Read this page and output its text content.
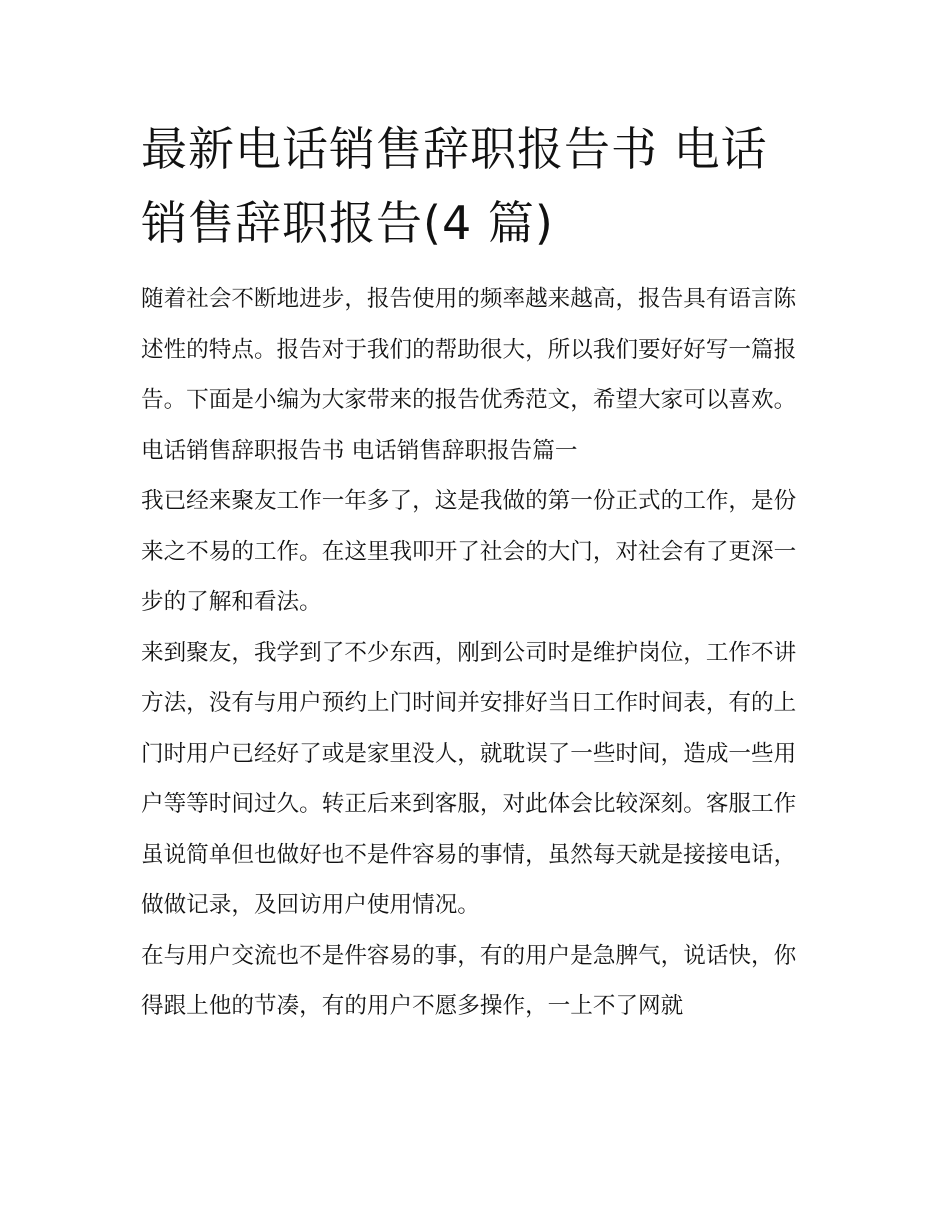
最新电话销售辞职报告书 电话销售辞职报告(4 篇)

随着社会不断地进步，报告使用的频率越来越高，报告具有语言陈述性的特点。报告对于我们的帮助很大，所以我们要好好写一篇报告。下面是小编为大家带来的报告优秀范文，希望大家可以喜欢。

电话销售辞职报告书 电话销售辞职报告篇一

我已经来聚友工作一年多了，这是我做的第一份正式的工作，是份来之不易的工作。在这里我叩开了社会的大门，对社会有了更深一步的了解和看法。

来到聚友，我学到了不少东西，刚到公司时是维护岗位，工作不讲方法，没有与用户预约上门时间并安排好当日工作时间表，有的上门时用户已经好了或是家里没人，就耽误了一些时间，造成一些用户等等时间过久。转正后来到客服，对此体会比较深刻。客服工作虽说简单但也做好也不是件容易的事情，虽然每天就是接接电话，做做记录，及回访用户使用情况。

在与用户交流也不是件容易的事，有的用户是急脾气，说话快，你得跟上他的节凑，有的用户不愿多操作，一上不了网就
